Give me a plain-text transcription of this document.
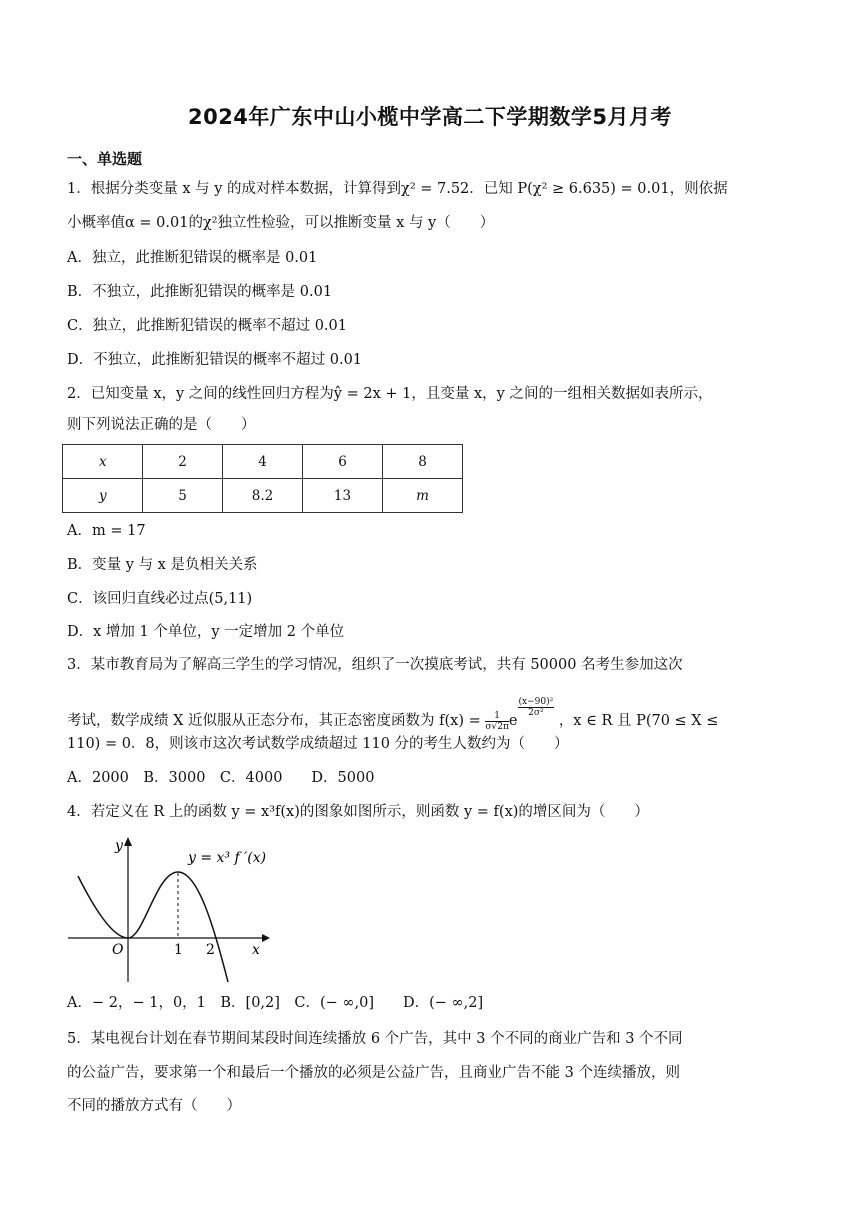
2024年广东中山小榄中学高二下学期数学5月月考
一、单选题
1．根据分类变量 x 与 y 的成对样本数据，计算得到χ² = 7.52．已知 P(χ² ≥ 6.635) = 0.01，则依据
小概率值α = 0.01的χ²独立性检验，可以推断变量 x 与 y（　　）
A．独立，此推断犯错误的概率是 0.01
B．不独立，此推断犯错误的概率是 0.01
C．独立，此推断犯错误的概率不超过 0.01
D．不独立，此推断犯错误的概率不超过 0.01
2．已知变量 x，y 之间的线性回归方程为ŷ = 2x + 1，且变量 x，y 之间的一组相关数据如表所示，
则下列说法正确的是（　　）
x	2	4	6	8
y	5	8.2	13	m
A．m = 17
B．变量 y 与 x 是负相关关系
C．该回归直线必过点(5,11)
D．x 增加 1 个单位，y 一定增加 2 个单位
3．某市教育局为了解高三学生的学习情况，组织了一次摸底考试，共有 50000 名考生参加这次
考试，数学成绩 X 近似服从正态分布，其正态密度函数为 $f(x) = \frac{1}{\sigma√2\pi}$ e
$\frac{\text{(x−90)²}}{\text{2σ²}}$
，x ∈ R 且 P(70 ≤ X ≤
110) = 0．8，则该市这次考试数学成绩超过 110 分的考生人数约为（　　）
A．2000　B．3000　C．4000　　D．5000
4．若定义在 R 上的函数 y = x³f(x)的图象如图所示，则函数 y = f(x)的增区间为（　　）
y
x
O	1 2
y = x³ f ′(x)
A．− 2，− 1，0，1　B．[0,2]　C．(− ∞,0]　　D．(− ∞,2]
5．某电视台计划在春节期间某段时间连续播放 6 个广告，其中 3 个不同的商业广告和 3 个不同
的公益广告，要求第一个和最后一个播放的必须是公益广告，且商业广告不能 3 个连续播放，则
不同的播放方式有（　　）
